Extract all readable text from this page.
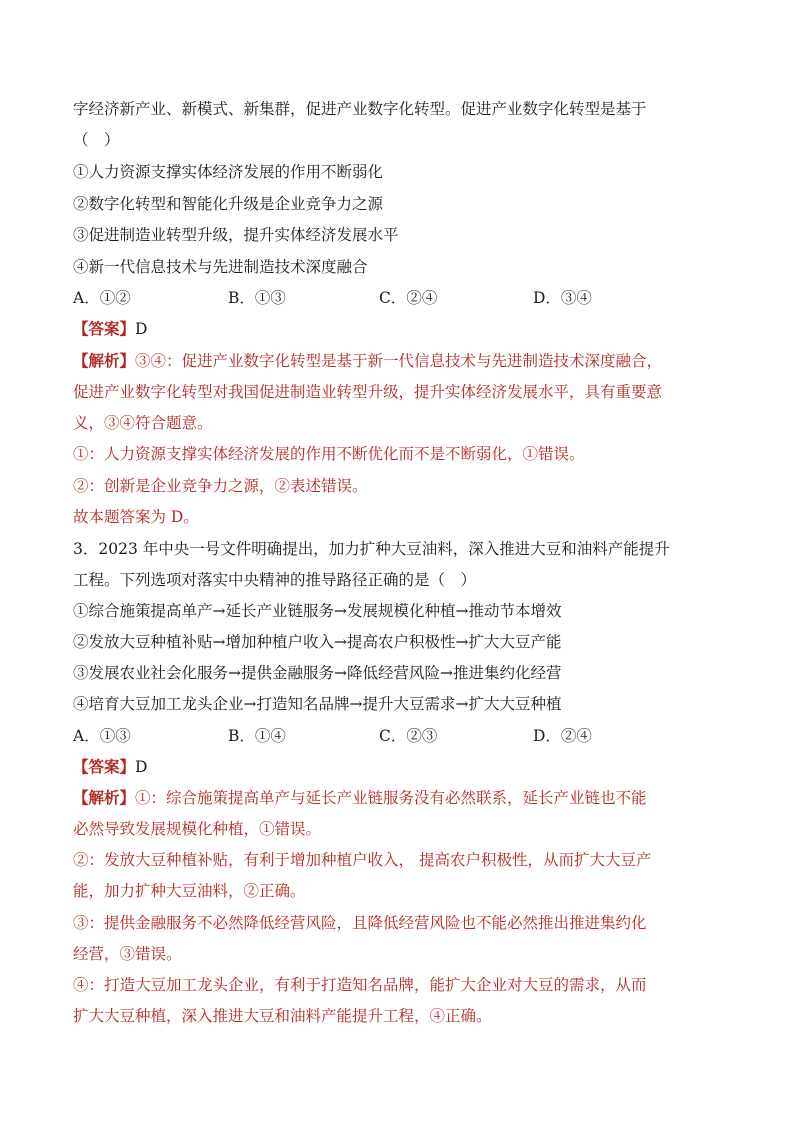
字经济新产业、新模式、新集群，促进产业数字化转型。促进产业数字化转型是基于
（　）
①人力资源支撑实体经济发展的作用不断弱化
②数字化转型和智能化升级是企业竞争力之源
③促进制造业转型升级，提升实体经济发展水平
④新一代信息技术与先进制造技术深度融合
A．①②	B．①③	C．②④	D．③④
【答案】D
【解析】③④：促进产业数字化转型是基于新一代信息技术与先进制造技术深度融合，
促进产业数字化转型对我国促进制造业转型升级，提升实体经济发展水平，具有重要意
义，③④符合题意。
①：人力资源支撑实体经济发展的作用不断优化而不是不断弱化，①错误。
②：创新是企业竞争力之源，②表述错误。
故本题答案为 D。
3．2023 年中央一号文件明确提出，加力扩种大豆油料，深入推进大豆和油料产能提升
工程。下列选项对落实中央精神的推导路径正确的是（　）
①综合施策提高单产→延长产业链服务→发展规模化种植→推动节本增效
②发放大豆种植补贴→增加种植户收入→提高农户积极性→扩大大豆产能
③发展农业社会化服务→提供金融服务→降低经营风险→推进集约化经营
④培育大豆加工龙头企业→打造知名品牌→提升大豆需求→扩大大豆种植
A．①③	B．①④	C．②③	D．②④
【答案】D
【解析】①：综合施策提高单产与延长产业链服务没有必然联系，延长产业链也不能
必然导致发展规模化种植，①错误。
②：发放大豆种植补贴，有利于增加种植户收入， 提高农户积极性，从而扩大大豆产
能，加力扩种大豆油料，②正确。
③：提供金融服务不必然降低经营风险，且降低经营风险也不能必然推出推进集约化
经营，③错误。
④：打造大豆加工龙头企业，有利于打造知名品牌，能扩大企业对大豆的需求，从而
扩大大豆种植，深入推进大豆和油料产能提升工程，④正确。
